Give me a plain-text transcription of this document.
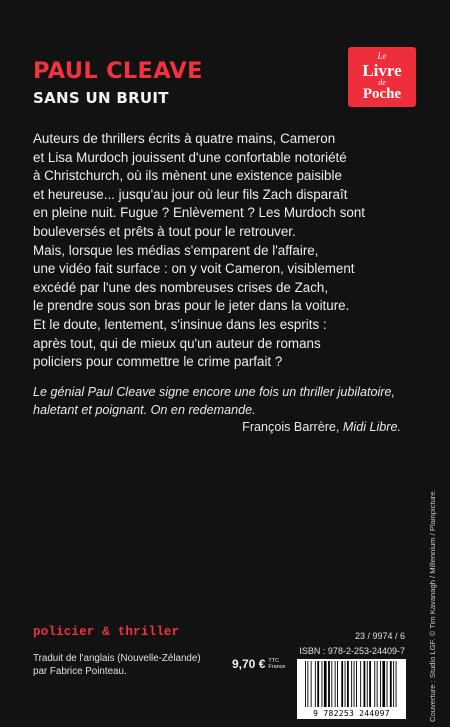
PAUL CLEAVE
SANS UN BRUIT
Le
Livre
de
Poche

Auteurs de thrillers écrits à quatre mains, Cameron

et Lisa Murdoch jouissent d'une confortable notoriété

à Christchurch, où ils mènent une existence paisible

et heureuse... jusqu'au jour où leur fils Zach disparaît

en pleine nuit. Fugue ? Enlèvement ? Les Murdoch sont

bouleversés et prêts à tout pour le retrouver.

Mais, lorsque les médias s'emparent de l'affaire,

une vidéo fait surface : on y voit Cameron, visiblement

excédé par l'une des nombreuses crises de Zach,

le prendre sous son bras pour le jeter dans la voiture.

Et le doute, lentement, s'insinue dans les esprits :

après tout, qui de mieux qu'un auteur de romans

policiers pour commettre le crime parfait ?

Le génial Paul Cleave signe encore une fois un thriller jubilatoire,

haletant et poignant. On en redemande.

François Barrère, Midi Libre.
Couverture : Studio LGF. © Tim Kavanagh / Millennium / Plainpicture.
policier & thriller
Traduit de l'anglais (Nouvelle-Zélande)
par Fabrice Pointeau.
9,70 € TTC
France
23 / 9974 / 6
ISBN : 978-2-253-24409-7
9 782253 244097
